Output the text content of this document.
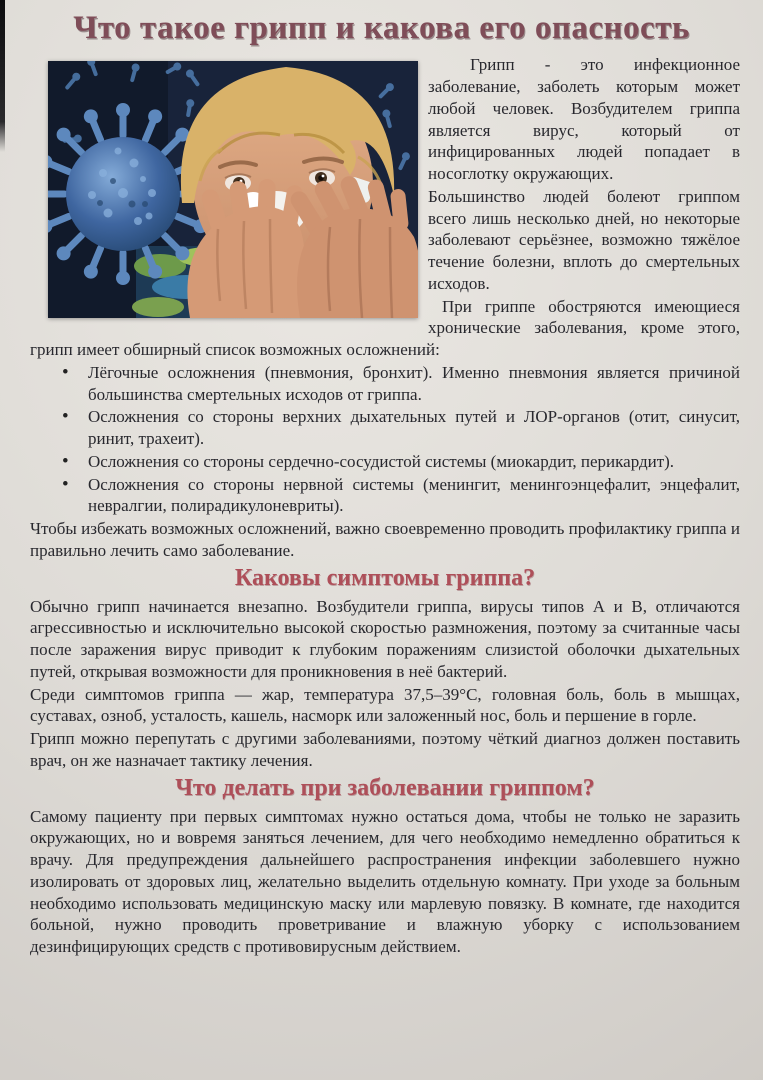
Что такое грипп и какова его опасность

Грипп - это инфекционное заболевание, заболеть которым может любой человек. Возбудителем гриппа является вирус, который от инфицированных людей попадает в носоглотку окружающих.

Большинство людей болеют гриппом всего лишь несколько дней, но некоторые заболевают серьёзнее, возможно тяжёлое течение болезни, вплоть до смертельных исходов.

При гриппе обостряются имеющиеся хронические заболевания, кроме этого, грипп имеет обширный список возможных осложнений:

• Лёгочные осложнения (пневмония, бронхит). Именно пневмония является причиной большинства смертельных исходов от гриппа.
• Осложнения со стороны верхних дыхательных путей и ЛОР-органов (отит, синусит, ринит, трахеит).
• Осложнения со стороны сердечно-сосудистой системы (миокардит, перикардит).
• Осложнения со стороны нервной системы (менингит, менингоэнцефалит, энцефалит, невралгии, полирадикулоневриты).

Чтобы избежать возможных осложнений, важно своевременно проводить профилактику гриппа и правильно лечить само заболевание.

Каковы симптомы гриппа?

Обычно грипп начинается внезапно. Возбудители гриппа, вирусы типов А и В, отличаются агрессивностью и исключительно высокой скоростью размножения, поэтому за считанные часы после заражения вирус приводит к глубоким поражениям слизистой оболочки дыхательных путей, открывая возможности для проникновения в неё бактерий.

Среди симптомов гриппа — жар, температура 37,5–39°С, головная боль, боль в мышцах, суставах, озноб, усталость, кашель, насморк или заложенный нос, боль и першение в горле.

Грипп можно перепутать с другими заболеваниями, поэтому чёткий диагноз должен поставить врач, он же назначает тактику лечения.

Что делать при заболевании гриппом?

Самому пациенту при первых симптомах нужно остаться дома, чтобы не только не заразить окружающих, но и вовремя заняться лечением, для чего необходимо немедленно обратиться к врачу. Для предупреждения дальнейшего распространения инфекции заболевшего нужно изолировать от здоровых лиц, желательно выделить отдельную комнату. При уходе за больным необходимо использовать медицинскую маску или марлевую повязку. В комнате, где находится больной, нужно проводить проветривание и влажную уборку с использованием дезинфицирующих средств с противовирусным действием.
